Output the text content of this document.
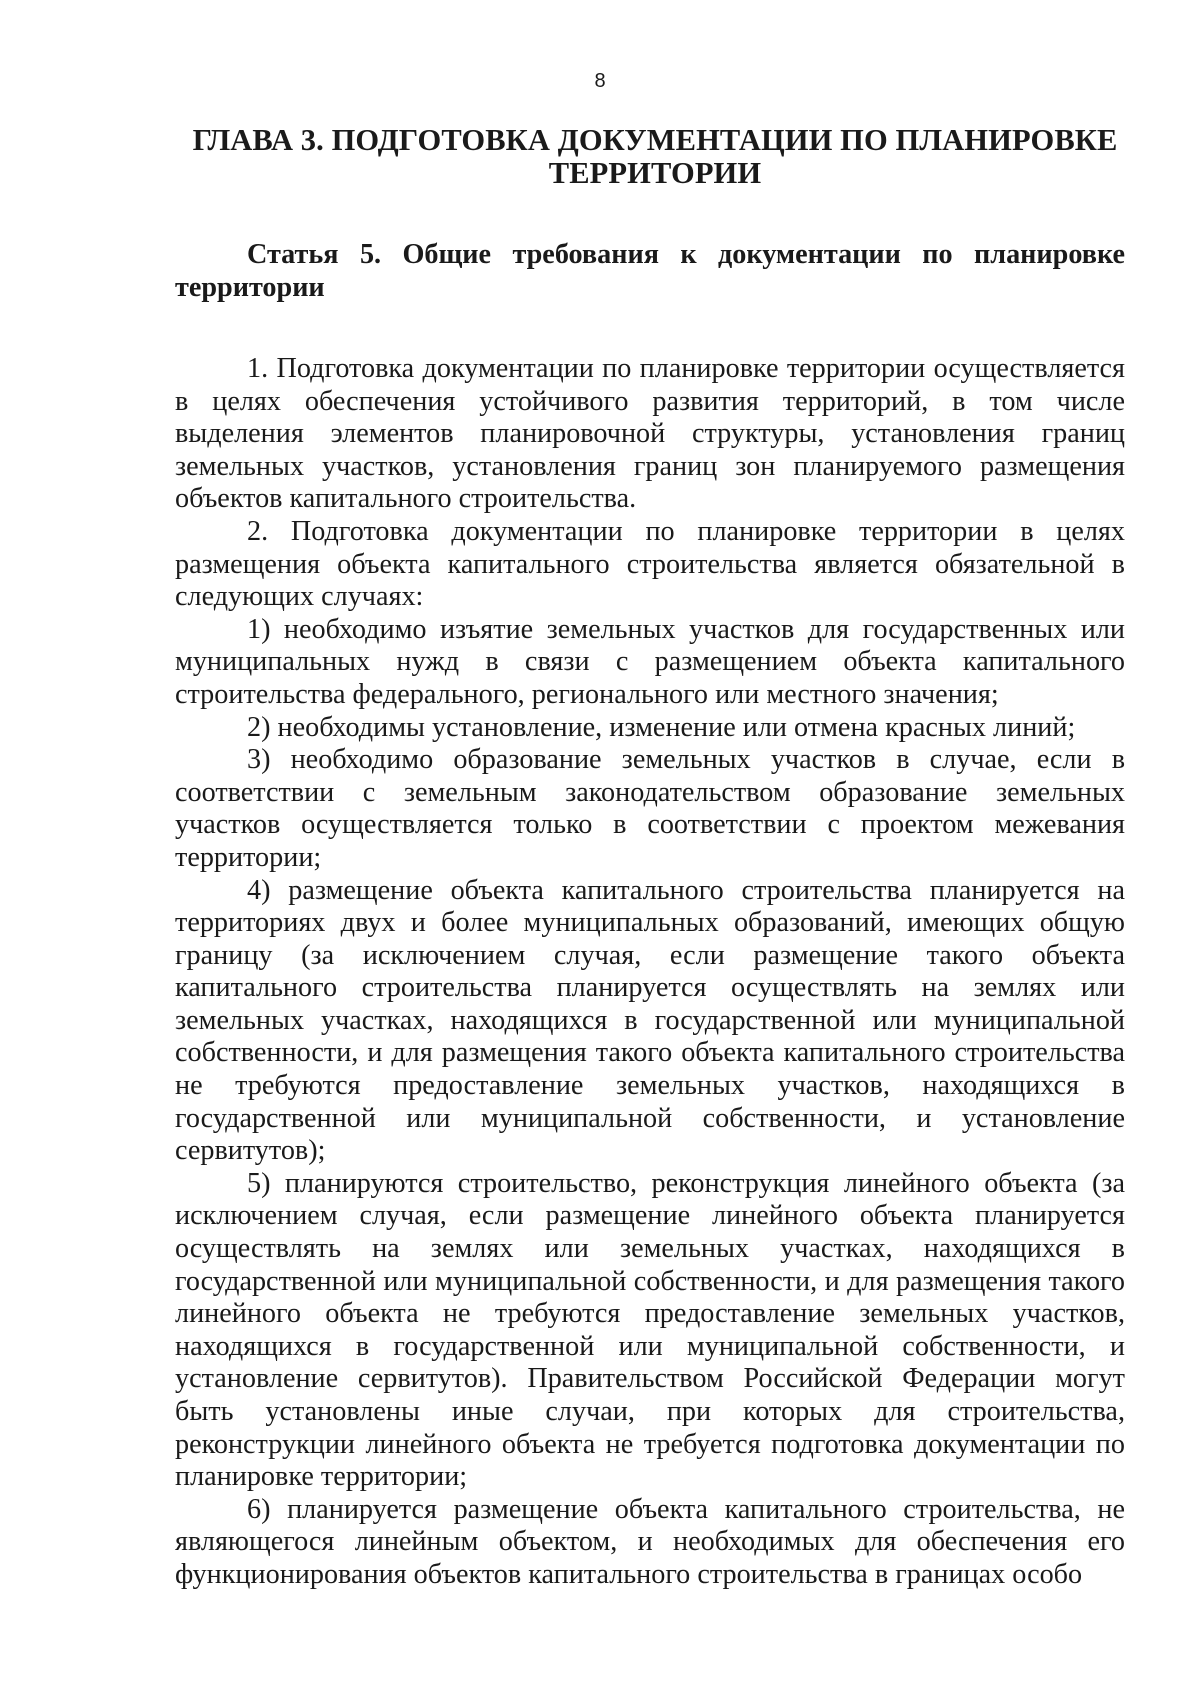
8
ГЛАВА 3. ПОДГОТОВКА ДОКУМЕНТАЦИИ ПО ПЛАНИРОВКЕ
ТЕРРИТОРИИ
Статья 5. Общие требования к документации по планировке территории

1. Подготовка документации по планировке территории осуществляется в целях обеспечения устойчивого развития территорий, в том числе выделения элементов планировочной структуры, установления границ земельных участков, установления границ зон планируемого размещения объектов капитального строительства.

2. Подготовка документации по планировке территории в целях размещения объекта капитального строительства является обязательной в следующих случаях:

1) необходимо изъятие земельных участков для государственных или муниципальных нужд в связи с размещением объекта капитального строительства федерального, регионального или местного значения;

2) необходимы установление, изменение или отмена красных линий;

3) необходимо образование земельных участков в случае, если в соответствии с земельным законодательством образование земельных участков осуществляется только в соответствии с проектом межевания территории;

4) размещение объекта капитального строительства планируется на территориях двух и более муниципальных образований, имеющих общую границу (за исключением случая, если размещение такого объекта капитального строительства планируется осуществлять на землях или земельных участках, находящихся в государственной или муниципальной собственности, и для размещения такого объекта капитального строительства не требуются предоставление земельных участков, находящихся в государственной или муниципальной собственности, и установление сервитутов);

5) планируются строительство, реконструкция линейного объекта (за исключением случая, если размещение линейного объекта планируется осуществлять на землях или земельных участках, находящихся в государственной или муниципальной собственности, и для размещения такого линейного объекта не требуются предоставление земельных участков, находящихся в государственной или муниципальной собственности, и установление сервитутов). Правительством Российской Федерации могут быть установлены иные случаи, при которых для строительства, реконструкции линейного объекта не требуется подготовка документации по планировке территории;

6) планируется размещение объекта капитального строительства, не являющегося линейным объектом, и необходимых для обеспечения его функционирования объектов капитального строительства в границах особо
